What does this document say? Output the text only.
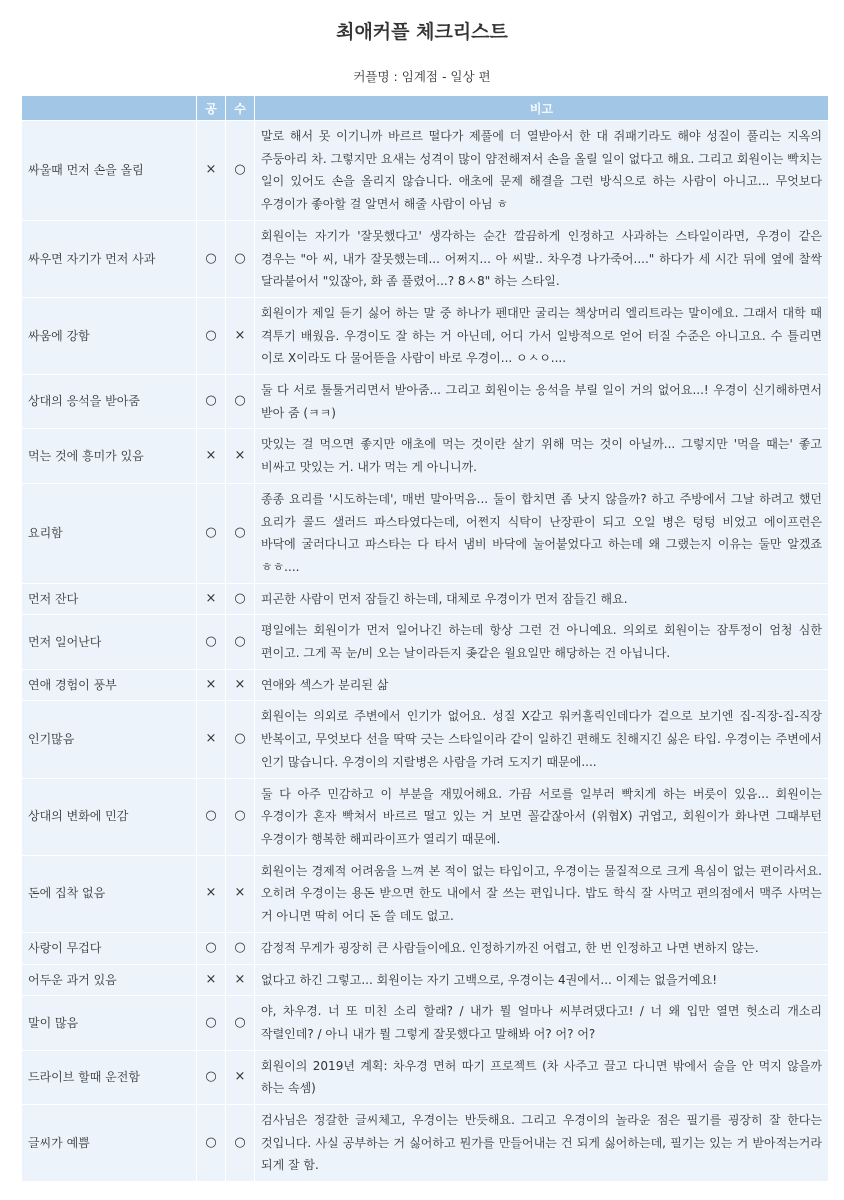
최애커플 체크리스트
커플명 : 임계점 - 일상 편
	공	수	비고
싸울때 먼저 손을 올림	×	○	말로 해서 못 이기니까 바르르 떨다가 제풀에 더 열받아서 한 대 쥐패기라도 해야 성질이 풀리는 지옥의 주둥아리 차. 그렇지만 요새는 성격이 많이 얌전해져서 손을 올릴 일이 없다고 해요. 그리고 회원이는 빡치는 일이 있어도 손을 올리지 않습니다. 애초에 문제 해결을 그런 방식으로 하는 사람이 아니고... 무엇보다 우경이가 좋아할 걸 알면서 해줄 사람이 아님 ㅎ
싸우면 자기가 먼저 사과	○	○	회원이는 자기가 '잘못했다고' 생각하는 순간 깔끔하게 인정하고 사과하는 스타일이라면, 우경이 같은 경우는 "아 씨, 내가 잘못했는데... 어쩌지... 아 씨발.. 차우경 나가죽어...." 하다가 세 시간 뒤에 옆에 찰싹 달라붙어서 "있잖아, 화 좀 풀렸어...? 8ㅅ8" 하는 스타일.
싸움에 강함	○	×	회원이가 제일 듣기 싫어 하는 말 중 하나가 펜대만 굴리는 책상머리 엘리트라는 말이에요. 그래서 대학 때 격투기 배웠음. 우경이도 잘 하는 거 아닌데, 어디 가서 일방적으로 얻어 터질 수준은 아니고요. 수 틀리면 이로 X이라도 다 물어뜯을 사람이 바로 우경이... ㅇㅅㅇ....
상대의 응석을 받아줌	○	○	둘 다 서로 툴툴거리면서 받아줌... 그리고 회원이는 응석을 부릴 일이 거의 없어요...! 우경이 신기해하면서 받아 줌 (ㅋㅋ)
먹는 것에 흥미가 있음	×	×	맛있는 걸 먹으면 좋지만 애초에 먹는 것이란 살기 위해 먹는 것이 아닐까... 그렇지만 '먹을 때는' 좋고 비싸고 맛있는 거. 내가 먹는 게 아니니까.
요리함	○	○	종종 요리를 '시도하는데', 매번 말아먹음... 둘이 합치면 좀 낫지 않을까? 하고 주방에서 그날 하려고 했던 요리가 콜드 샐러드 파스타였다는데, 어쩐지 식탁이 난장판이 되고 오일 병은 텅텅 비었고 에이프런은 바닥에 굴러다니고 파스타는 다 타서 냄비 바닥에 눌어붙었다고 하는데 왜 그랬는지 이유는 둘만 알겠죠 ㅎㅎ....
먼저 잔다	×	○	피곤한 사람이 먼저 잠들긴 하는데, 대체로 우경이가 먼저 잠들긴 해요.
먼저 일어난다	○	○	평일에는 회원이가 먼저 일어나긴 하는데 항상 그런 건 아니예요. 의외로 회원이는 잠투정이 엄청 심한 편이고. 그게 꼭 눈/비 오는 날이라든지 좆같은 월요일만 해당하는 건 아닙니다.
연애 경험이 풍부	×	×	연애와 섹스가 분리된 삶
인기많음	×	○	회원이는 의외로 주변에서 인기가 없어요. 성질 X같고 워커홀릭인데다가 겉으로 보기엔 집-직장-집-직장 반복이고, 무엇보다 선을 딱딱 긋는 스타일이라 같이 일하긴 편해도 친해지긴 싫은 타입. 우경이는 주변에서 인기 많습니다. 우경이의 지랄병은 사람을 가려 도지기 때문에....
상대의 변화에 민감	○	○	둘 다 아주 민감하고 이 부분을 재밌어해요. 가끔 서로를 일부러 빡치게 하는 버릇이 있음... 회원이는 우경이가 혼자 빡쳐서 바르르 떨고 있는 거 보면 꼴같잖아서 (위협X) 귀엽고, 회원이가 화나면 그때부턴 우경이가 행복한 해피라이프가 열리기 때문에.
돈에 집착 없음	×	×	회원이는 경제적 어려움을 느껴 본 적이 없는 타입이고, 우경이는 물질적으로 크게 욕심이 없는 편이라서요. 오히려 우경이는 용돈 받으면 한도 내에서 잘 쓰는 편입니다. 밥도 학식 잘 사먹고 편의점에서 맥주 사먹는 거 아니면 딱히 어디 돈 쓸 데도 없고.
사랑이 무겁다	○	○	감정적 무게가 굉장히 큰 사람들이에요. 인정하기까진 어렵고, 한 번 인정하고 나면 변하지 않는.
어두운 과거 있음	×	×	없다고 하긴 그렇고... 회원이는 자기 고백으로, 우경이는 4권에서... 이제는 없을거예요!
말이 많음	○	○	야, 차우경. 너 또 미친 소리 할래? / 내가 뭘 얼마나 씨부려댔다고! / 너 왜 입만 열면 헛소리 개소리 작렬인데? / 아니 내가 뭘 그렇게 잘못했다고 말해봐 어? 어? 어?
드라이브 할때 운전함	○	×	회원이의 2019년 계획: 차우경 면허 따기 프로젝트 (차 사주고 끌고 다니면 밖에서 술을 안 먹지 않을까 하는 속셈)
글씨가 예쁨	○	○	검사님은 정갈한 글씨체고, 우경이는 반듯해요. 그리고 우경이의 놀라운 점은 필기를 굉장히 잘 한다는 것입니다. 사실 공부하는 거 싫어하고 뭔가를 만들어내는 건 되게 싫어하는데, 필기는 있는 거 받아적는거라 되게 잘 함.
